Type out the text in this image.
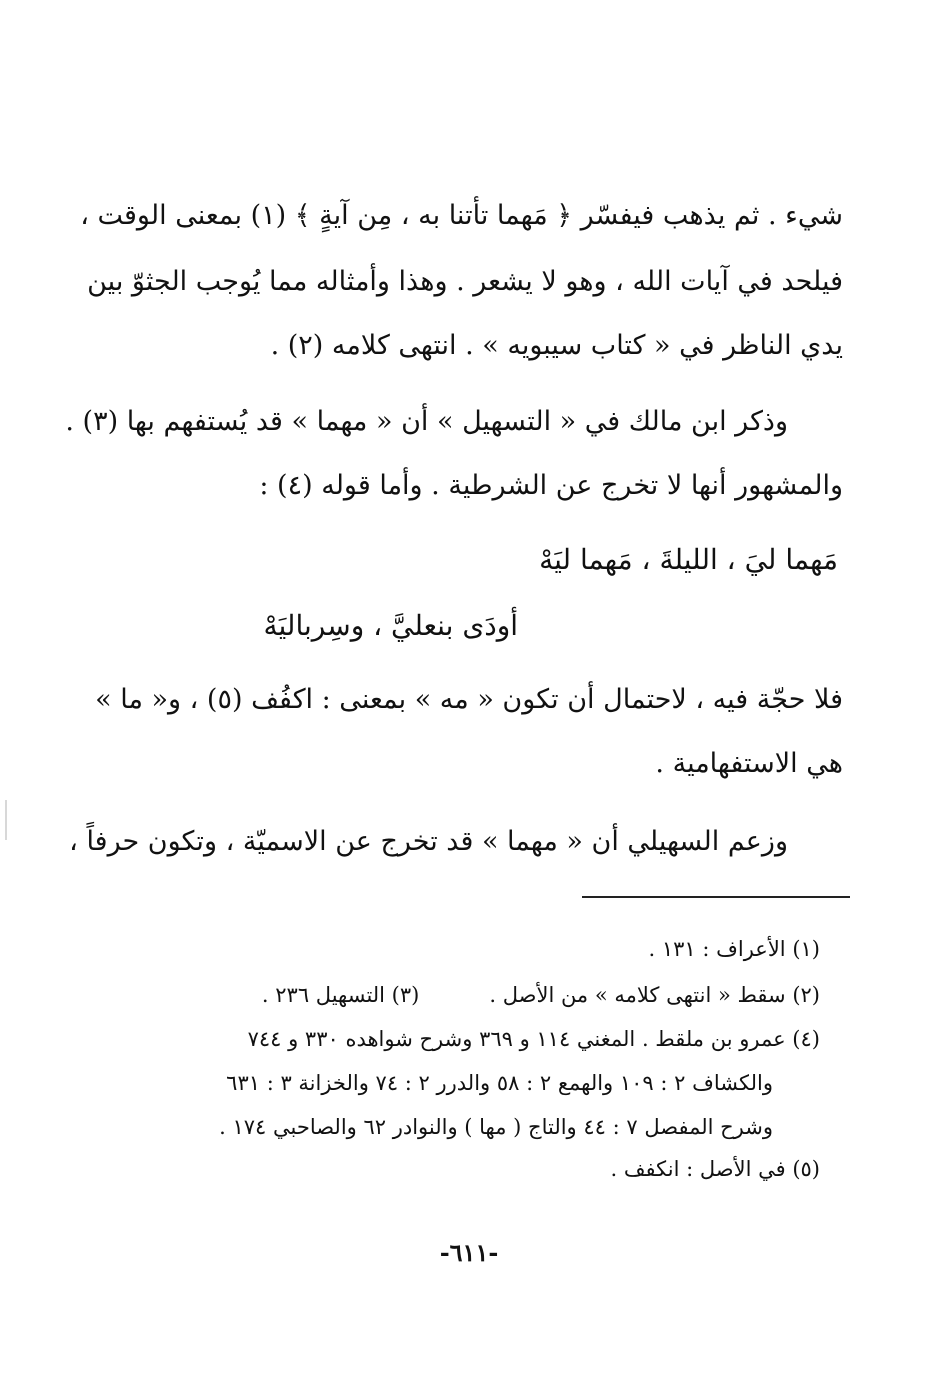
شيء . ثم يذهب فيفسّر ﴿ مَهما تأتنا به ، مِن آيةٍ ﴾ (١) بمعنى الوقت ،
فيلحد في آيات الله ، وهو لا يشعر . وهذا وأمثاله مما يُوجب الجثوّ بين
يدي الناظر في « كتاب سيبويه » . انتهى كلامه (٢) .
وذكر ابن مالك في « التسهيل » أن « مهما » قد يُستفهم بها (٣) .
والمشهور أنها لا تخرج عن الشرطية . وأما قوله (٤) :
مَهما ليَ ، الليلةَ ، مَهما ليَهْ
أودَى بنعليَّ ، وسِرباليَهْ
فلا حجّة فيه ، لاحتمال أن تكون « مه » بمعنى : اكفُف (٥) ، و« ما »
هي الاستفهامية .
وزعم السهيلي أن « مهما » قد تخرج عن الاسميّة ، وتكون حرفاً ،
(١) الأعراف : ١٣١ .
(٢) سقط « انتهى كلامه » من الأصل .(٣) التسهيل ٢٣٦ .
(٤) عمرو بن ملقط . المغني ١١٤ و ٣٦٩ وشرح شواهده ٣٣٠ و ٧٤٤
والكشاف ٢ : ١٠٩ والهمع ٢ : ٥٨ والدرر ٢ : ٧٤ والخزانة ٣ : ٦٣١
وشرح المفصل ٧ : ٤٤ والتاج ( مها ) والنوادر ٦٢ والصاحبي ١٧٤ .
(٥) في الأصل : انكفف .
-٦١١-
